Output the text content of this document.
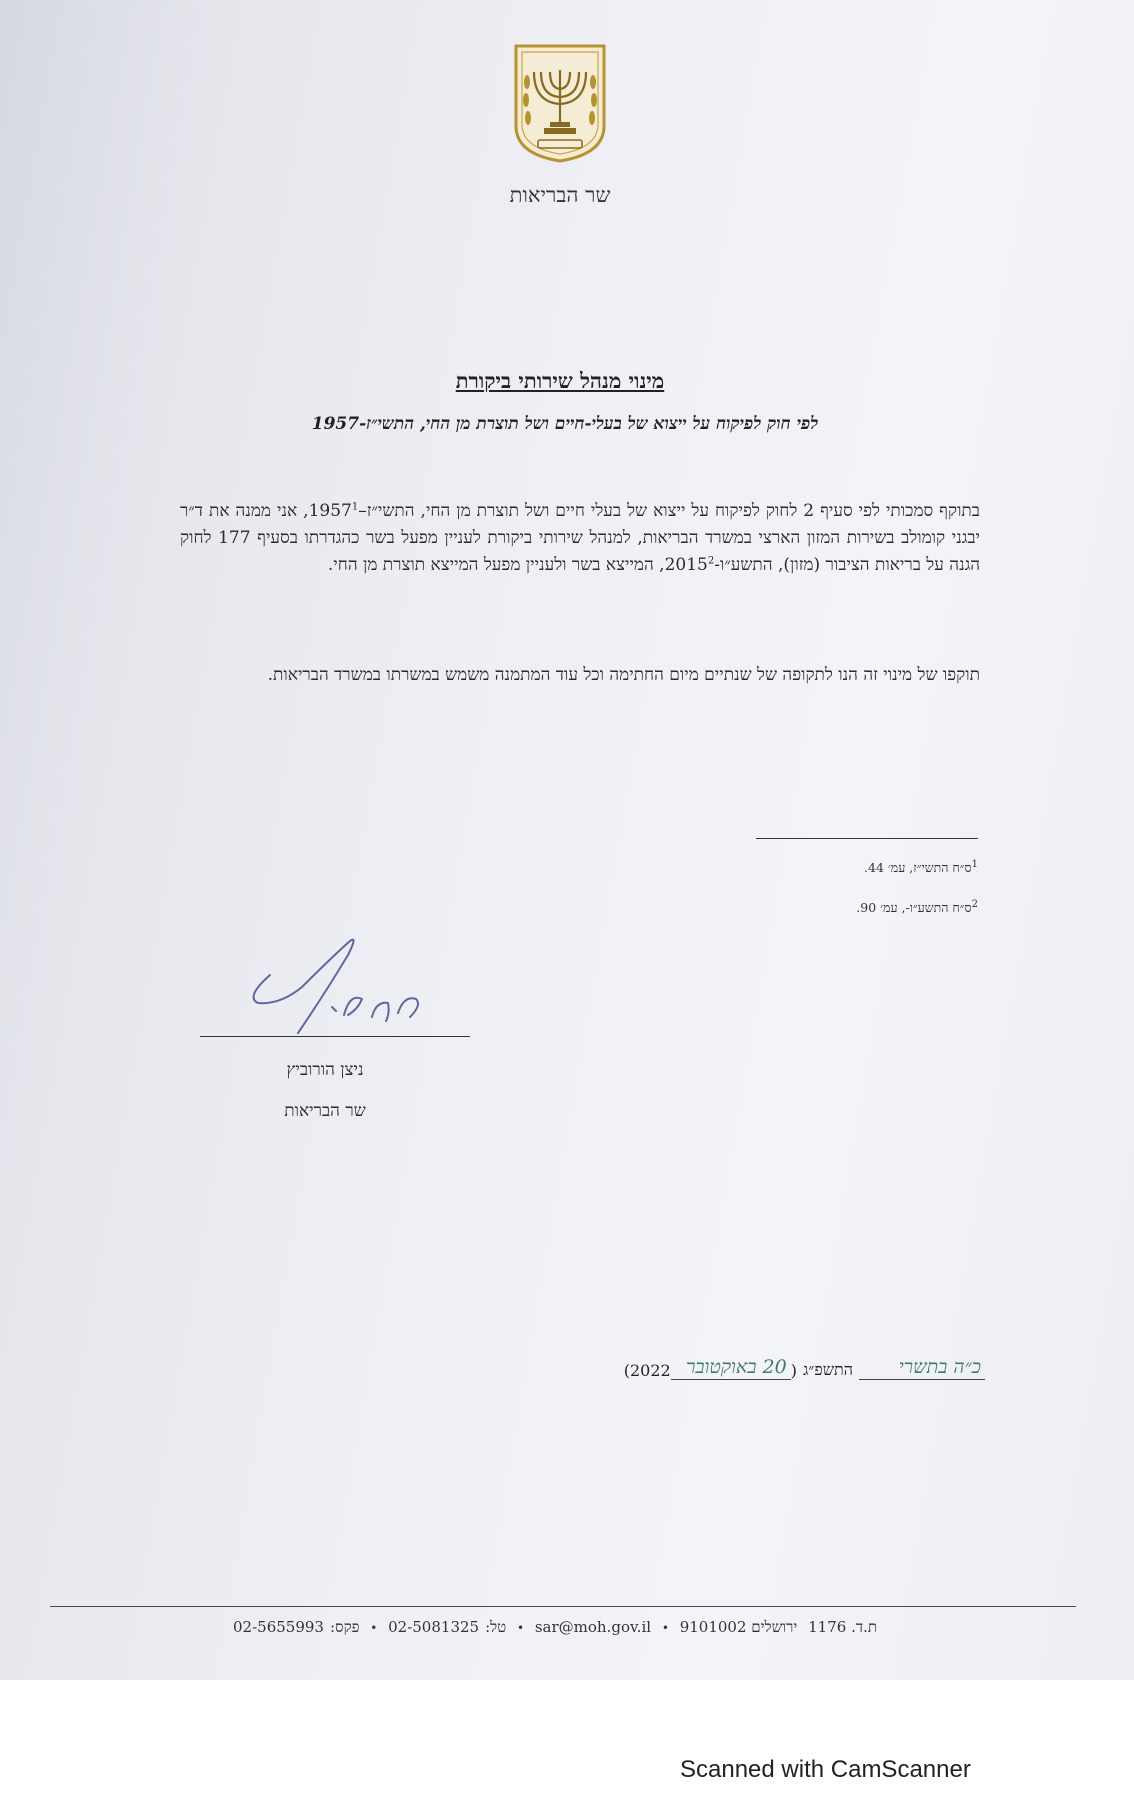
שר הבריאות
מינוי מנהל שירותי ביקורת
לפי חוק לפיקוח על ייצוא של בעלי-חיים ושל תוצרת מן החי, התשי״ז-1957
בתוקף סמכותי לפי סעיף 2 לחוק לפיקוח על ייצוא של בעלי חיים ושל תוצרת מן החי, התשי״ז–1957$^1$, אני ממנה את ד״ר יבגני קומולב בשירות המזון הארצי במשרד הבריאות, למנהל שירותי ביקורת לעניין מפעל בשר כהגדרתו בסעיף 177 לחוק הגנה על בריאות הציבור (מזון), התשע״ו-2015$^2$, המייצא בשר ולעניין מפעל המייצא תוצרת מן החי.
תוקפו של מינוי זה הנו לתקופה של שנתיים מיום החתימה וכל עוד המתמנה משמש במשרתו במשרד הבריאות.
$^1$ס״ח התשי״ז, עמ׳ 44.
$^2$ס״ח התשע״ו-, עמ׳ 90.
ניצן הורוביץ
שר הבריאות
כ״ה בתשריהתשפ״ג(20 באוקטובר2022)
ת.ד. 1176 ירושלים 9101002 • sar@moh.gov.il • טל:02-5081325 • פקס:02-5655993
Scanned with CamScanner
